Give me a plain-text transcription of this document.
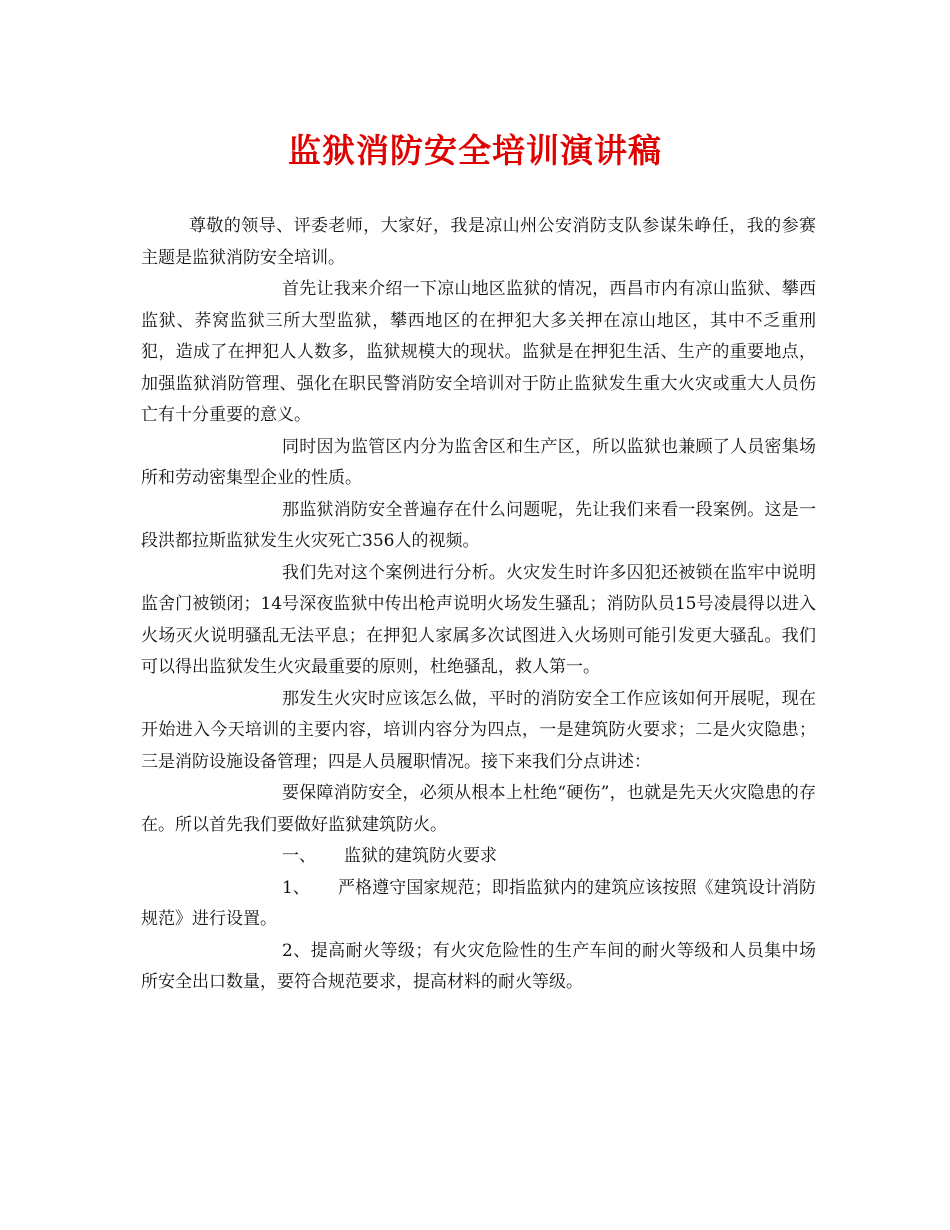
监狱消防安全培训演讲稿

尊敬的领导、评委老师，大家好，我是凉山州公安消防支队参谋朱峥任，我的参赛主题是监狱消防安全培训。

首先让我来介绍一下凉山地区监狱的情况，西昌市内有凉山监狱、攀西监狱、荞窝监狱三所大型监狱，攀西地区的在押犯大多关押在凉山地区，其中不乏重刑犯，造成了在押犯人人数多，监狱规模大的现状。监狱是在押犯生活、生产的重要地点，加强监狱消防管理、强化在职民警消防安全培训对于防止监狱发生重大火灾或重大人员伤亡有十分重要的意义。

同时因为监管区内分为监舍区和生产区，所以监狱也兼顾了人员密集场所和劳动密集型企业的性质。

那监狱消防安全普遍存在什么问题呢，先让我们来看一段案例。这是一段洪都拉斯监狱发生火灾死亡356人的视频。

我们先对这个案例进行分析。火灾发生时许多囚犯还被锁在监牢中说明监舍门被锁闭；14号深夜监狱中传出枪声说明火场发生骚乱；消防队员15号凌晨得以进入火场灭火说明骚乱无法平息；在押犯人家属多次试图进入火场则可能引发更大骚乱。我们可以得出监狱发生火灾最重要的原则，杜绝骚乱，救人第一。

那发生火灾时应该怎么做，平时的消防安全工作应该如何开展呢，现在开始进入今天培训的主要内容，培训内容分为四点，一是建筑防火要求；二是火灾隐患；三是消防设施设备管理；四是人员履职情况。接下来我们分点讲述：

要保障消防安全，必须从根本上杜绝“硬伤”，也就是先天火灾隐患的存在。所以首先我们要做好监狱建筑防火。

一、 监狱的建筑防火要求

1、 严格遵守国家规范；即指监狱内的建筑应该按照《建筑设计消防规范》进行设置。

2、提高耐火等级；有火灾危险性的生产车间的耐火等级和人员集中场所安全出口数量，要符合规范要求，提高材料的耐火等级。
